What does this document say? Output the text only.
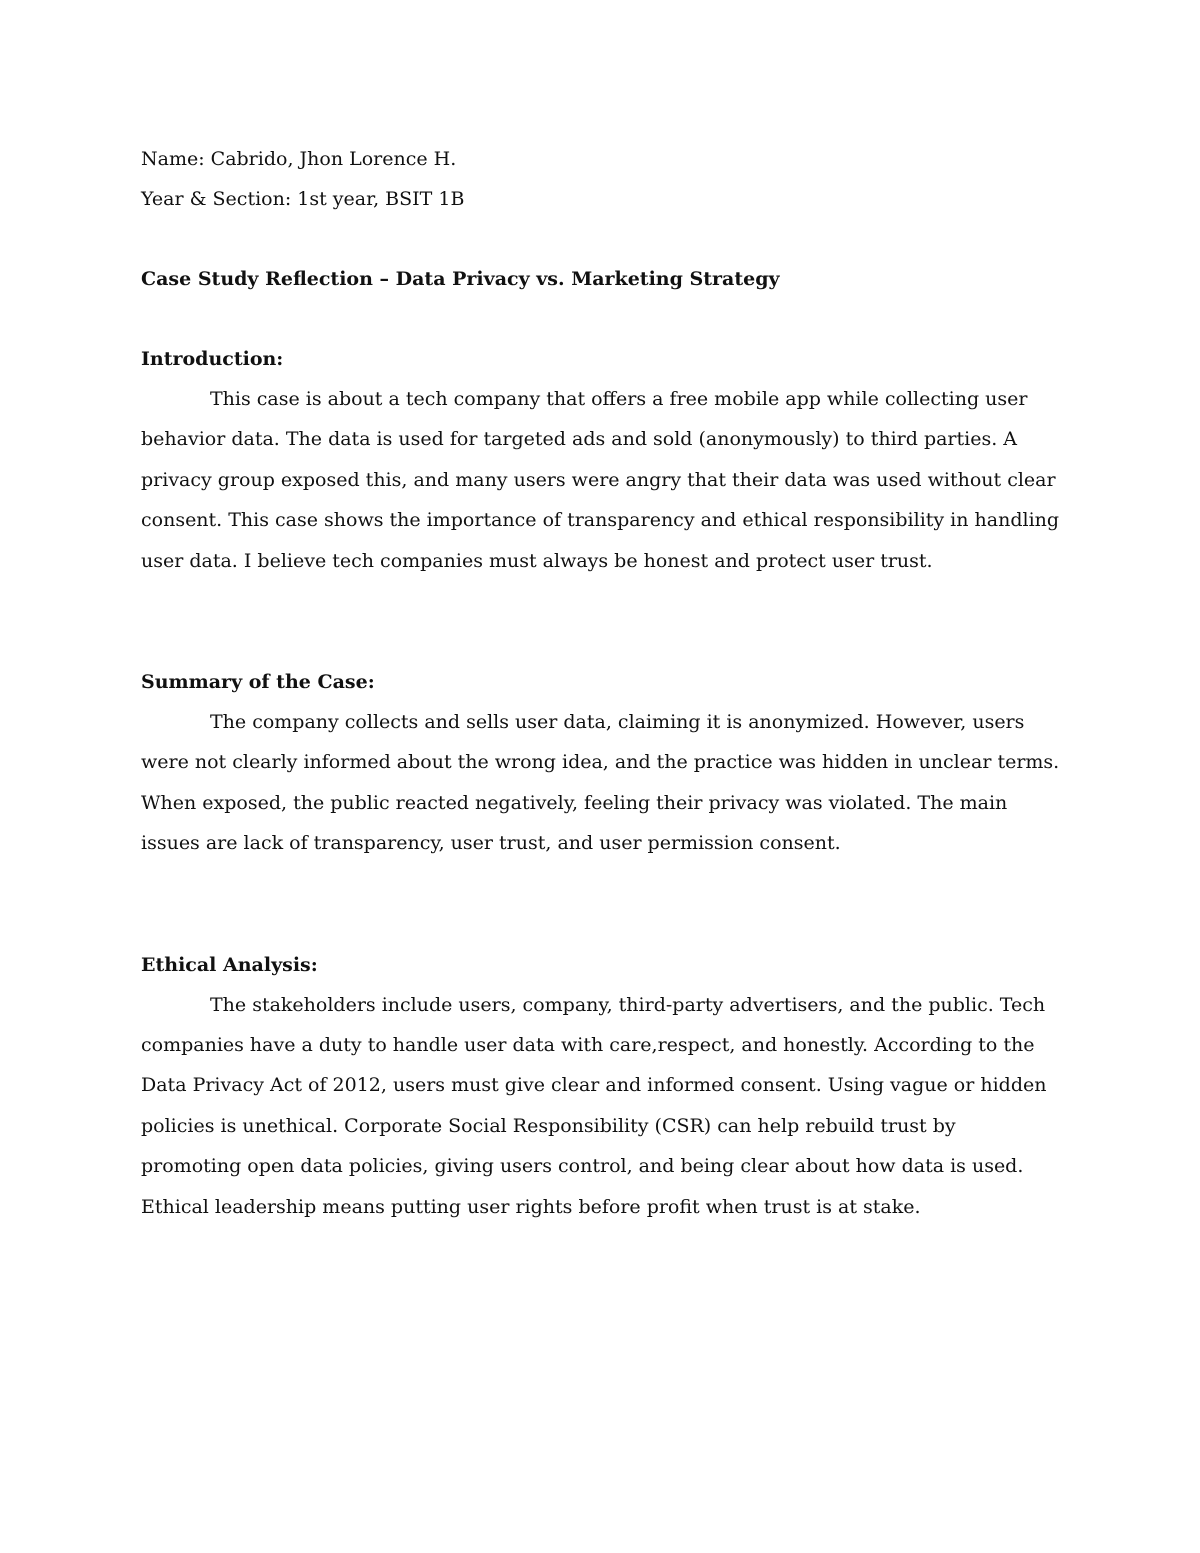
Name: Cabrido, Jhon Lorence H.

Year & Section: 1st year, BSIT 1B

Case Study Reflection – Data Privacy vs. Marketing Strategy

Introduction:

This case is about a tech company that offers a free mobile app while collecting user behavior data. The data is used for targeted ads and sold (anonymously) to third parties. A privacy group exposed this, and many users were angry that their data was used without clear consent. This case shows the importance of transparency and ethical responsibility in handling user data. I believe tech companies must always be honest and protect user trust.

Summary of the Case:

The company collects and sells user data, claiming it is anonymized. However, users were not clearly informed about the wrong idea, and the practice was hidden in unclear terms. When exposed, the public reacted negatively, feeling their privacy was violated. The main issues are lack of transparency, user trust, and user permission consent.

Ethical Analysis:

The stakeholders include users, company, third-party advertisers, and the public. Tech companies have a duty to handle user data with care,respect, and honestly. According to the Data Privacy Act of 2012, users must give clear and informed consent. Using vague or hidden policies is unethical. Corporate Social Responsibility (CSR) can help rebuild trust by promoting open data policies, giving users control, and being clear about how data is used. Ethical leadership means putting user rights before profit when trust is at stake.
